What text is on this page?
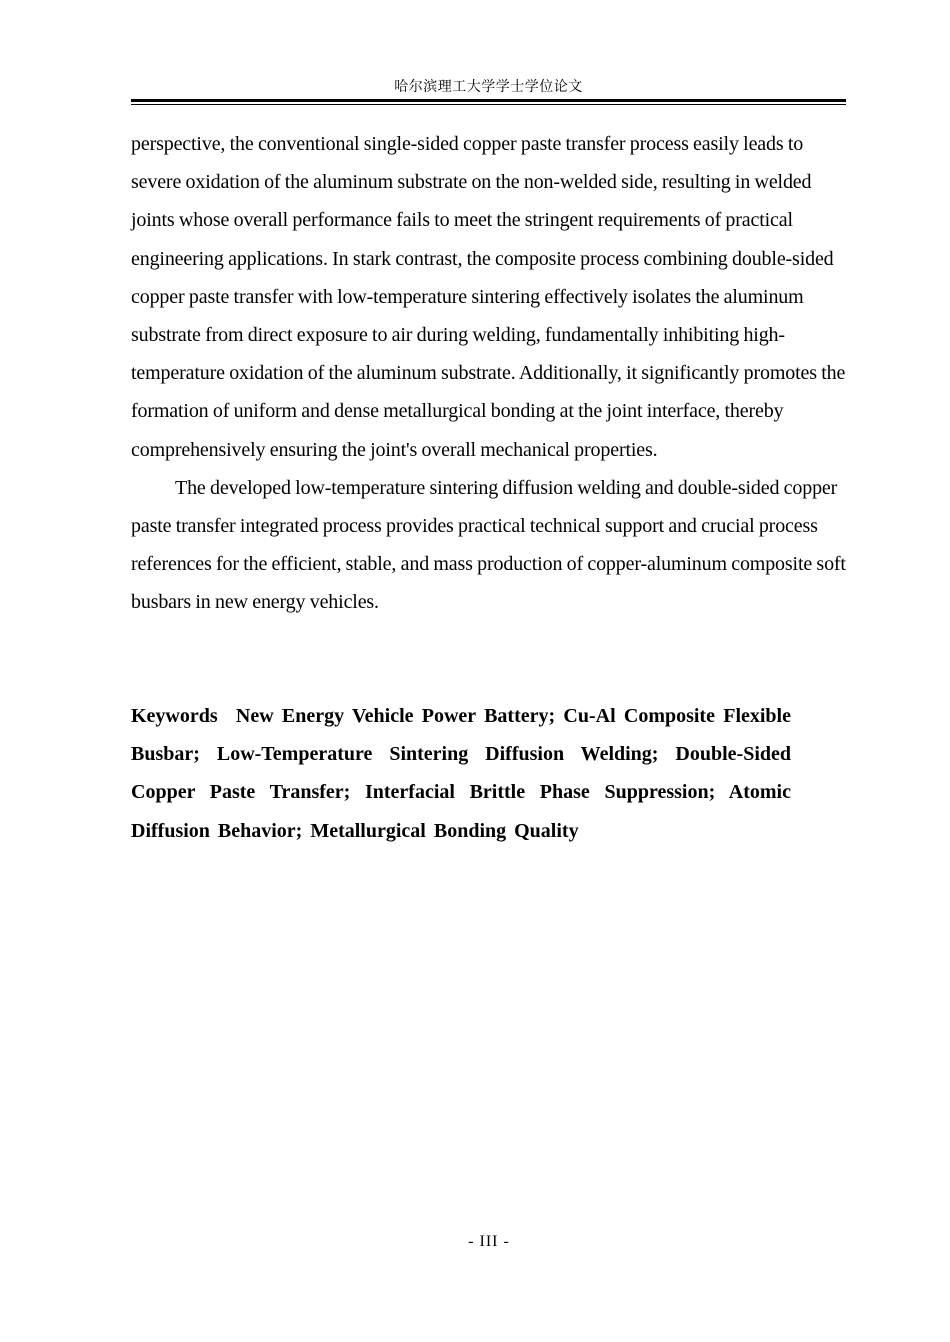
哈尔滨理工大学学士学位论文

perspective, the conventional single-sided copper paste transfer process easily leads to severe oxidation of the aluminum substrate on the non-welded side, resulting in welded joints whose overall performance fails to meet the stringent requirements of practical engineering applications. In stark contrast, the composite process combining double-sided copper paste transfer with low-temperature sintering effectively isolates the aluminum substrate from direct exposure to air during welding, fundamentally inhibiting high-temperature oxidation of the aluminum substrate. Additionally, it significantly promotes the formation of uniform and dense metallurgical bonding at the joint interface, thereby comprehensively ensuring the joint's overall mechanical properties.

The developed low-temperature sintering diffusion welding and double-sided copper paste transfer integrated process provides practical technical support and crucial process references for the efficient, stable, and mass production of copper-aluminum composite soft busbars in new energy vehicles.

Keywords New Energy Vehicle Power Battery; Cu-Al Composite Flexible Busbar; Low-Temperature Sintering Diffusion Welding; Double-Sided Copper Paste Transfer; Interfacial Brittle Phase Suppression; Atomic Diffusion Behavior; Metallurgical Bonding Quality
- III -
